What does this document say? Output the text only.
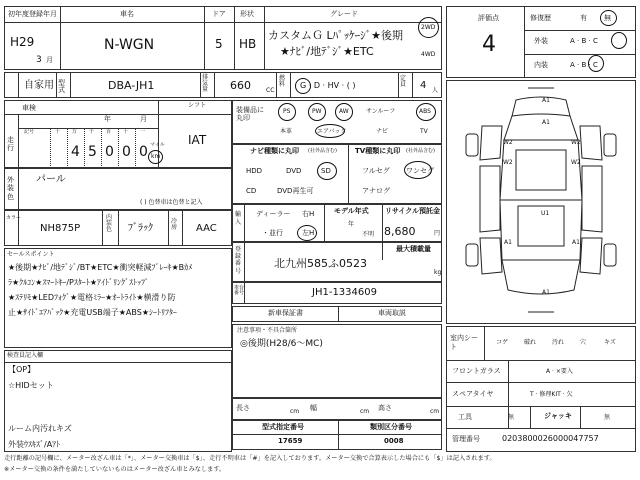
初年度登録年月	車名	ドア 形状	グレード
H29
3 月
N-WGN	5 HB
カスタムＧ Lﾊﾟｯｹｰｼﾞ★後期
★ﾅﾋﾞ/地ﾃﾞｼﾞ★ETC
2WD
4WD
自家用 型式	DBA-JH1
排気量	660	CC
燃料	G · D · HV · ( )
定員	4 人
車検
年	月
シフト
IAT
走行
記号	十 万 千 百 十 一
4 5 0 0 0 マイル
km
外装色
パール
( ) 色替車は色替と記入
カラー
NH875P
内装色 ﾌﾞﾗｯｸ
冷房 AAC
セールスポイント
★後期★ﾅﾋﾞ/地ﾃﾞｼﾞ/BT★ETC★衝突軽減ﾌﾞﾚｰｷ★Bｶﾒ
ﾗ★ｸﾙｺﾝ★ｽﾏｰﾄｷｰ/Pｽﾀｰﾄ★ｱｲﾄﾞﾘﾝｸﾞｽﾄｯﾌﾟ
★ｽﾃﾘﾓ★LEDﾌｫｸﾞ★電格ﾐﾗｰ★ｵｰﾄﾗｲﾄ★横滑り防
止★ｻｲﾄﾞｴｱﾊﾞｯｸ★充電USB端子★ABS★ｼｰﾄﾘﾌﾀｰ
検査員記入欄
【OP】
☆HIDセット
ルーム内汚れキズ
外装ｳｽｷｽﾞ/Aｱﾄ
装備品に丸印
PS	PW	AW	サンルーフ	ABS
本革	エアバック	ナビ	TV
ナビ種類に丸印 (社外品含む)
HDD	DVD	SD
CD	DVD再生可
TV種類に丸印 (社外品含む)
フルセグ ワンセグ
アナログ
輸入
ディーラー
・並行
右H
左H
モデル年式
年
不明
リサイクル預託金
8,680	円
登録番号
最大積載量
kg
北九州585ふ0523
車台番号	JH1-1334609
新車保証書	車両取説
注意事項・不具合箇所
◎後期(H28/6〜MC)
長さ	cm 幅	cm 高さ	cm
型式指定番号
17659
類別区分番号
0008
評価点
4
修復歴	有 無
外装	A · B · C
内装	A · B · C
A1
A1
W2
W2
U1
W2
W2
A1	A1
A1
室内シート
コゲ	破れ	汚れ	穴	キズ
フロントガラス	A · ×要入
スペアタイヤ	T · 修理KIT · 欠
工具	無	ジャッキ	無
管理番号	0203800026000047757
走行距離の記号欄に、メーター改ざん車は「*」、メーター交換車は「$」、走行不明車は「#」を記入しております。メーター交換で合算表示した場合にも「$」は記入されます。
※メーター交換の条件を満たしていないものはメーター改ざん車とみなします。
